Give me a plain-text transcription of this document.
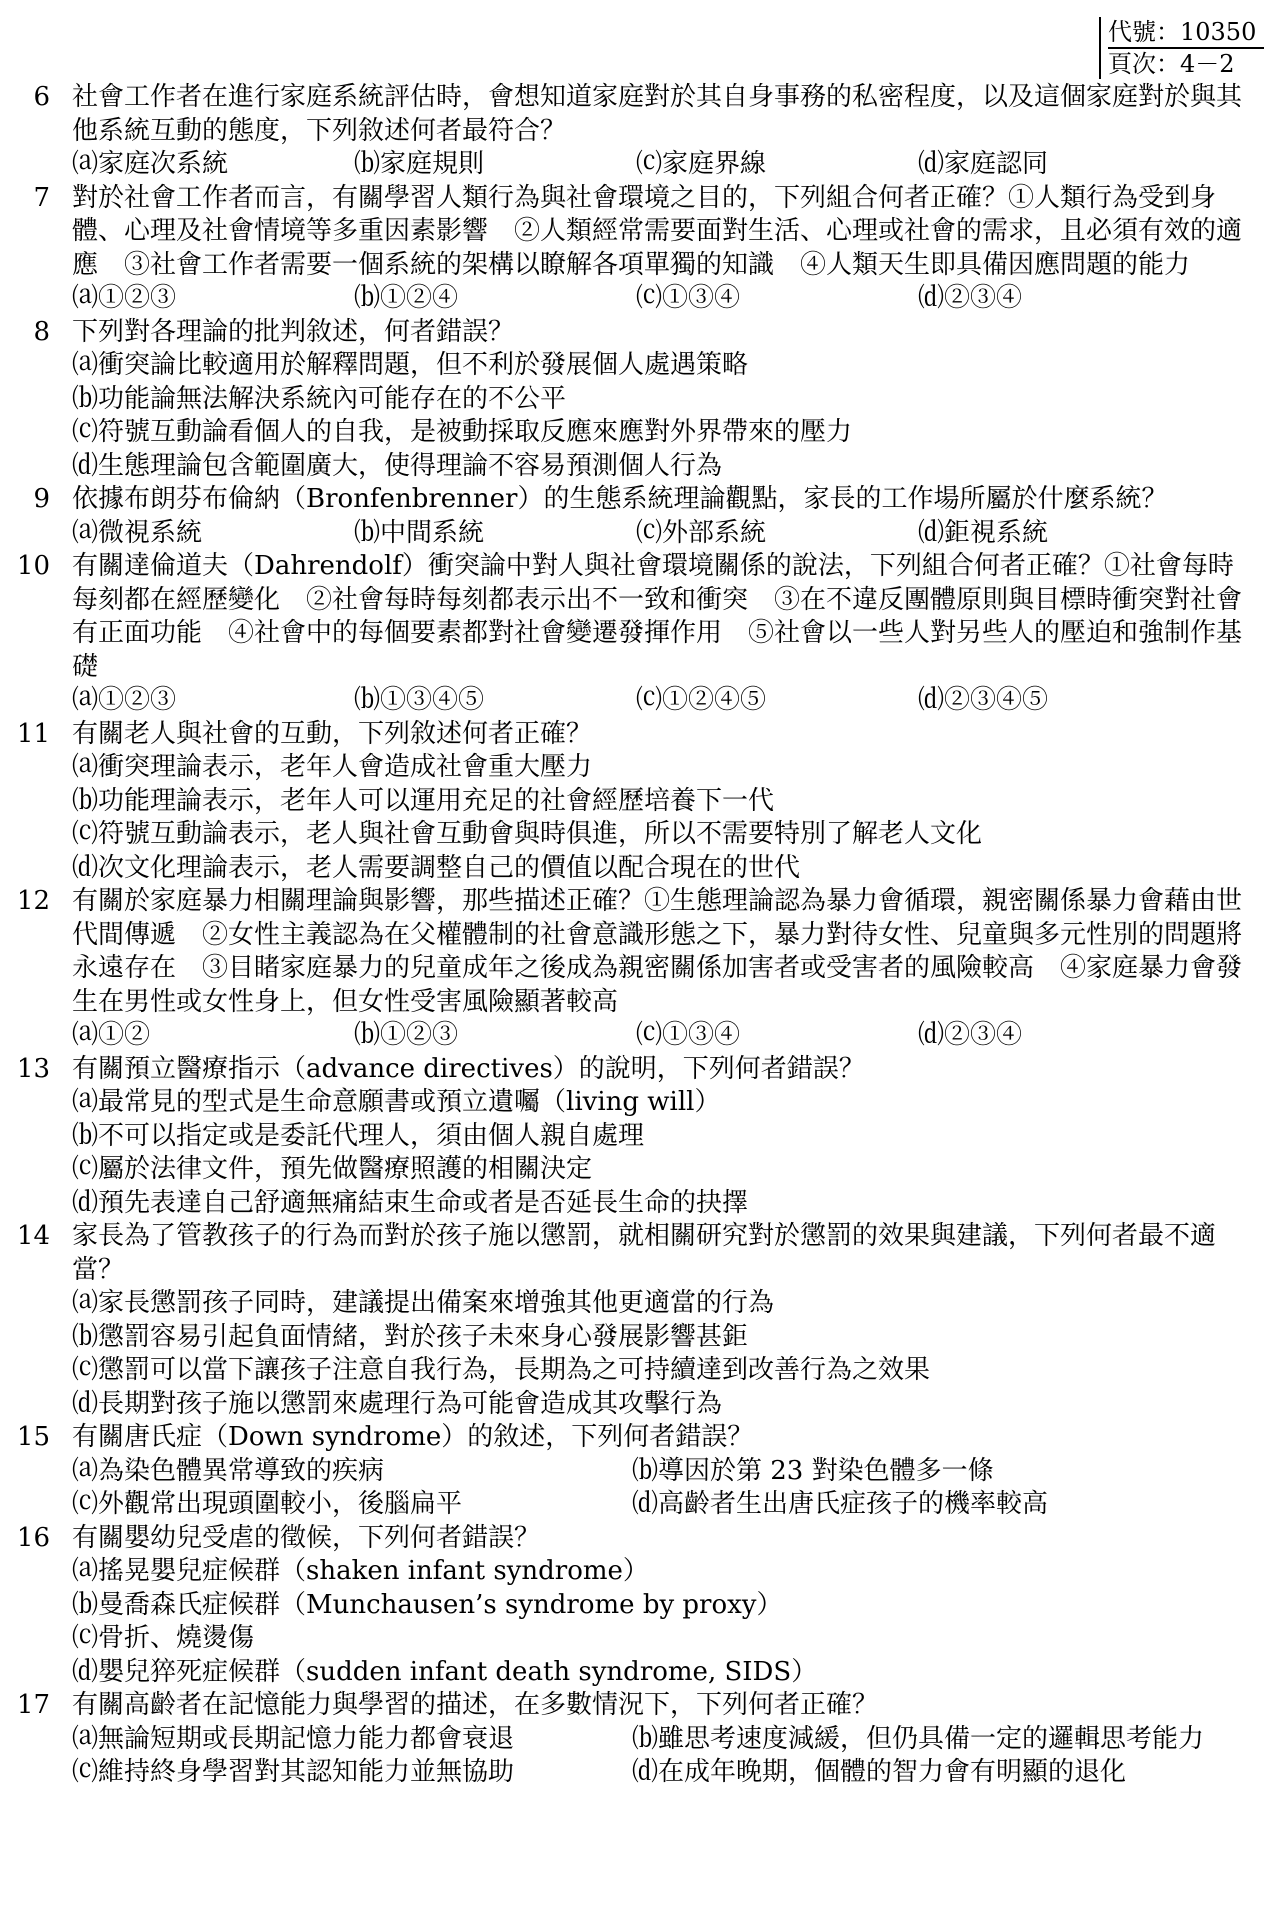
代號：10350
頁次：4－2
6 社會工作者在進行家庭系統評估時，會想知道家庭對於其自身事務的私密程度，以及這個家庭對於與其他系統互動的態度，下列敘述何者最符合？
⒜家庭次系統	⒝家庭規則	⒞家庭界線	⒟家庭認同
7 對於社會工作者而言，有關學習人類行為與社會環境之目的，下列組合何者正確？①人類行為受到身體、心理及社會情境等多重因素影響　②人類經常需要面對生活、心理或社會的需求，且必須有效的適應　③社會工作者需要一個系統的架構以瞭解各項單獨的知識　④人類天生即具備因應問題的能力
⒜①②③	⒝①②④	⒞①③④	⒟②③④
8 下列對各理論的批判敘述，何者錯誤？
⒜衝突論比較適用於解釋問題，但不利於發展個人處遇策略
⒝功能論無法解決系統內可能存在的不公平
⒞符號互動論看個人的自我，是被動採取反應來應對外界帶來的壓力
⒟生態理論包含範圍廣大，使得理論不容易預測個人行為
9 依據布朗芬布倫納（Bronfenbrenner）的生態系統理論觀點，家長的工作場所屬於什麼系統？
⒜微視系統	⒝中間系統	⒞外部系統	⒟鉅視系統
10 有關達倫道夫（Dahrendolf）衝突論中對人與社會環境關係的說法，下列組合何者正確？①社會每時每刻都在經歷變化　②社會每時每刻都表示出不一致和衝突　③在不違反團體原則與目標時衝突對社會有正面功能　④社會中的每個要素都對社會變遷發揮作用　⑤社會以一些人對另些人的壓迫和強制作基礎
⒜①②③	⒝①③④⑤	⒞①②④⑤	⒟②③④⑤
11 有關老人與社會的互動，下列敘述何者正確？
⒜衝突理論表示，老年人會造成社會重大壓力
⒝功能理論表示，老年人可以運用充足的社會經歷培養下一代
⒞符號互動論表示，老人與社會互動會與時俱進，所以不需要特別了解老人文化
⒟次文化理論表示，老人需要調整自己的價值以配合現在的世代
12 有關於家庭暴力相關理論與影響，那些描述正確？①生態理論認為暴力會循環，親密關係暴力會藉由世代間傳遞　②女性主義認為在父權體制的社會意識形態之下，暴力對待女性、兒童與多元性別的問題將永遠存在　③目睹家庭暴力的兒童成年之後成為親密關係加害者或受害者的風險較高　④家庭暴力會發生在男性或女性身上，但女性受害風險顯著較高
⒜①②	⒝①②③	⒞①③④	⒟②③④
13 有關預立醫療指示（advance directives）的說明，下列何者錯誤？
⒜最常見的型式是生命意願書或預立遺囑（living will）
⒝不可以指定或是委託代理人，須由個人親自處理
⒞屬於法律文件，預先做醫療照護的相關決定
⒟預先表達自己舒適無痛結束生命或者是否延長生命的抉擇
14 家長為了管教孩子的行為而對於孩子施以懲罰，就相關研究對於懲罰的效果與建議，下列何者最不適當？
⒜家長懲罰孩子同時，建議提出備案來增強其他更適當的行為
⒝懲罰容易引起負面情緒，對於孩子未來身心發展影響甚鉅
⒞懲罰可以當下讓孩子注意自我行為，長期為之可持續達到改善行為之效果
⒟長期對孩子施以懲罰來處理行為可能會造成其攻擊行為
15 有關唐氏症（Down syndrome）的敘述，下列何者錯誤？
⒜為染色體異常導致的疾病	⒝導因於第 23 對染色體多一條
⒞外觀常出現頭圍較小，後腦扁平	⒟高齡者生出唐氏症孩子的機率較高
16 有關嬰幼兒受虐的徵候，下列何者錯誤？
⒜搖晃嬰兒症候群（shaken infant syndrome）
⒝曼喬森氏症候群（Munchausen’s syndrome by proxy）
⒞骨折、燒燙傷
⒟嬰兒猝死症候群（sudden infant death syndrome, SIDS）
17 有關高齡者在記憶能力與學習的描述，在多數情況下，下列何者正確？
⒜無論短期或長期記憶力能力都會衰退	⒝雖思考速度減緩，但仍具備一定的邏輯思考能力
⒞維持終身學習對其認知能力並無協助	⒟在成年晚期，個體的智力會有明顯的退化
